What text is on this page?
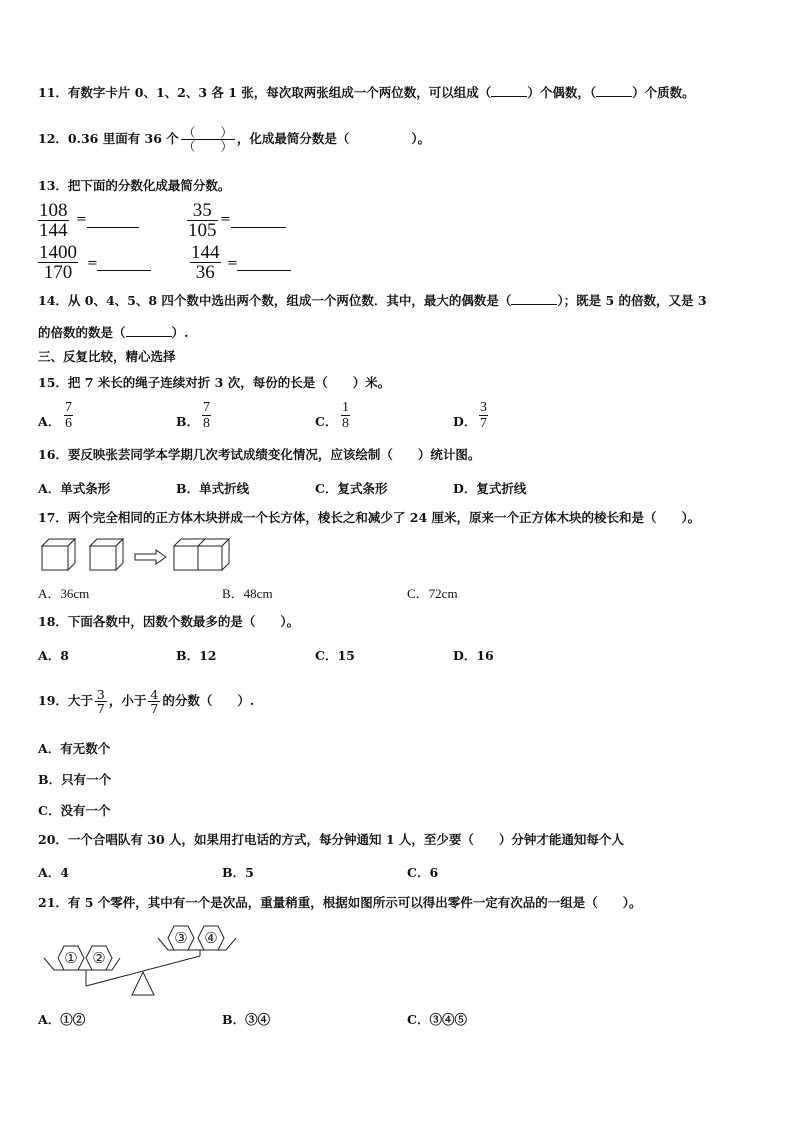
11．有数字卡片 0、1、2、3 各 1 张，每次取两张组成一个两位数，可以组成（	）个偶数，（	）个质数。
12．0.36 里面有 36 个 $\frac{( )}{( )}$ ，化成最简分数是（	）。
13．把下面的分数化成最简分数。
$\frac{108}{144}$ =	$\frac{35}{105}$ =
$\frac{1400}{170}$ =	$\frac{144}{36}$ =
14．从 0、4、5、8 四个数中选出两个数，组成一个两位数．其中，最大的偶数是（	）；既是 5 的倍数，又是 3
的倍数的数是（	）.
三、反复比较，精心选择
15．把 7 米长的绳子连续对折 3 次，每份的长是（　　）米。
A． $\frac{7}{6}$	B． $\frac{7}{8}$	C． $\frac{1}{8}$	D． $\frac{3}{7}$
16．要反映张芸同学本学期几次考试成绩变化情况，应该绘制（　　）统计图。
A．单式条形	B．单式折线	C．复式条形	D．复式折线
17．两个完全相同的正方体木块拼成一个长方体，棱长之和减少了 24 厘米，原来一个正方体木块的棱长和是（　　）。
A．36cm	B．48cm	C．72cm
18．下面各数中，因数个数最多的是（　　）。
A．8	B．12	C．15	D．16
19．大于 $\frac{3}{7}$ ，小于 $\frac{4}{7}$ 的分数（　　）.
A．有无数个
B．只有一个
C．没有一个
20．一个合唱队有 30 人，如果用打电话的方式，每分钟通知 1 人，至少要（　　）分钟才能通知每个人
A．4	B．5	C．6
21．有 5 个零件，其中有一个是次品，重量稍重，根据如图所示可以得出零件一定有次品的一组是（　　）。
① ②
③ ④
A．①②	B．③④	C．③④⑤
